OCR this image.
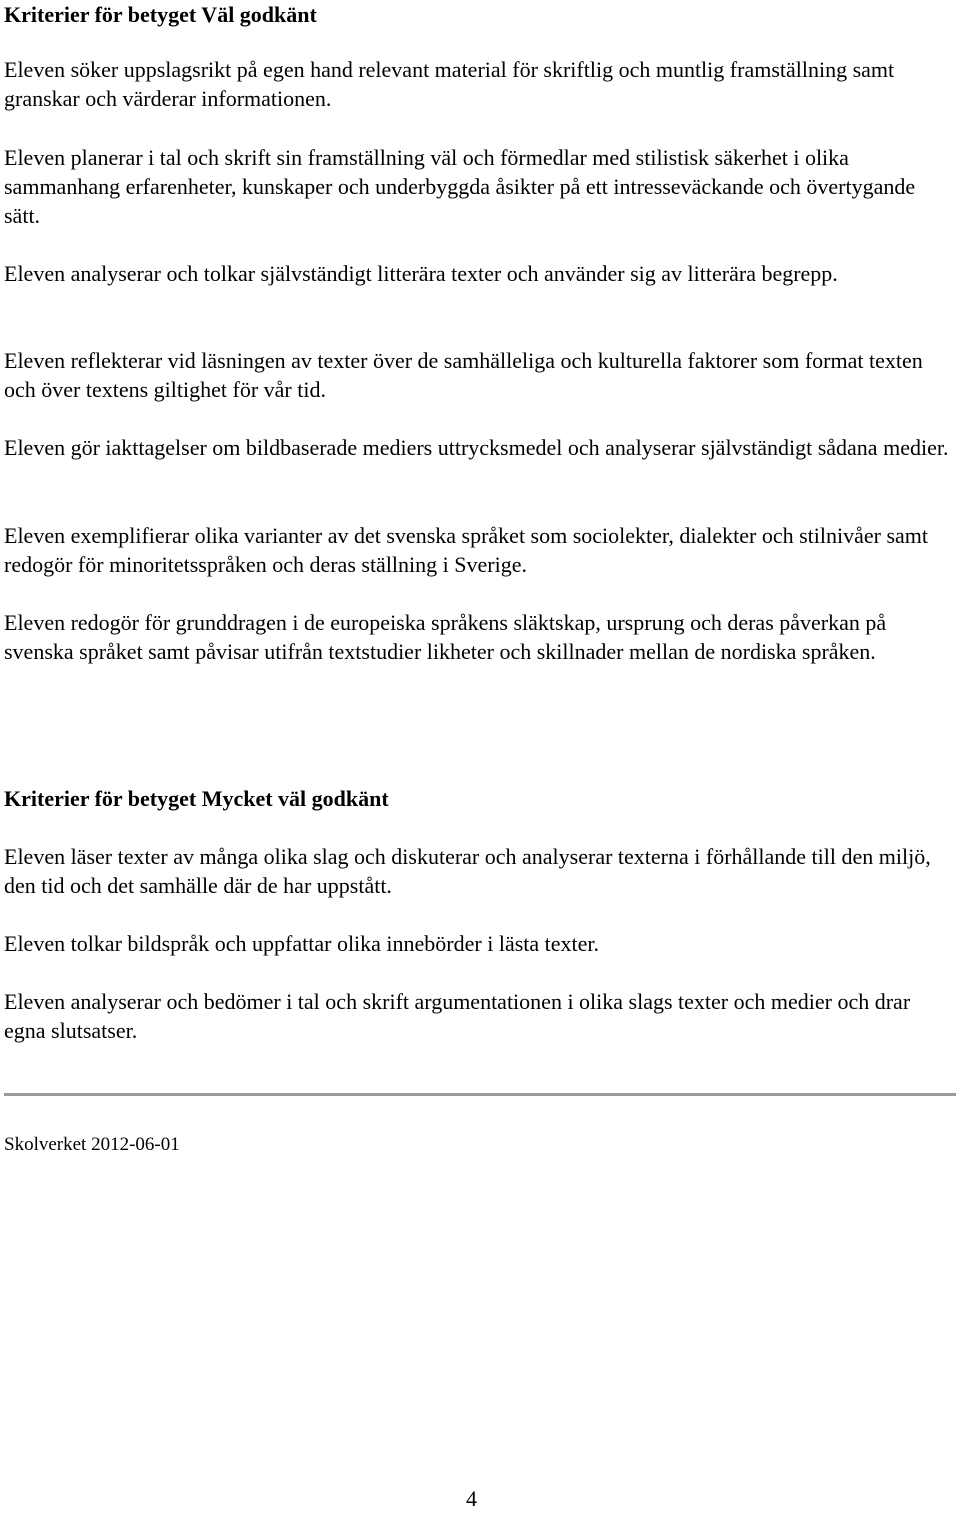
Kriterier för betyget Väl godkänt

Eleven söker uppslagsrikt på egen hand relevant material för skriftlig och muntlig framställning samt granskar och värderar informationen.

Eleven planerar i tal och skrift sin framställning väl och förmedlar med stilistisk säkerhet i olika sammanhang erfarenheter, kunskaper och underbyggda åsikter på ett intresseväckande och övertygande sätt.

Eleven analyserar och tolkar självständigt litterära texter och använder sig av litterära begrepp.

Eleven reflekterar vid läsningen av texter över de samhälleliga och kulturella faktorer som format texten och över textens giltighet för vår tid.

Eleven gör iakttagelser om bildbaserade mediers uttrycksmedel och analyserar självständigt sådana medier.

Eleven exemplifierar olika varianter av det svenska språket som sociolekter, dialekter och stilnivåer samt redogör för minoritetsspråken och deras ställning i Sverige.

Eleven redogör för grunddragen i de europeiska språkens släktskap, ursprung och deras påverkan på svenska språket samt påvisar utifrån textstudier likheter och skillnader mellan de nordiska språken.

Kriterier för betyget Mycket väl godkänt

Eleven läser texter av många olika slag och diskuterar och analyserar texterna i förhållande till den miljö, den tid och det samhälle där de har uppstått.

Eleven tolkar bildspråk och uppfattar olika innebörder i lästa texter.

Eleven analyserar och bedömer i tal och skrift argumentationen i olika slags texter och medier och drar egna slutsatser.

Skolverket 2012-06-01
4
